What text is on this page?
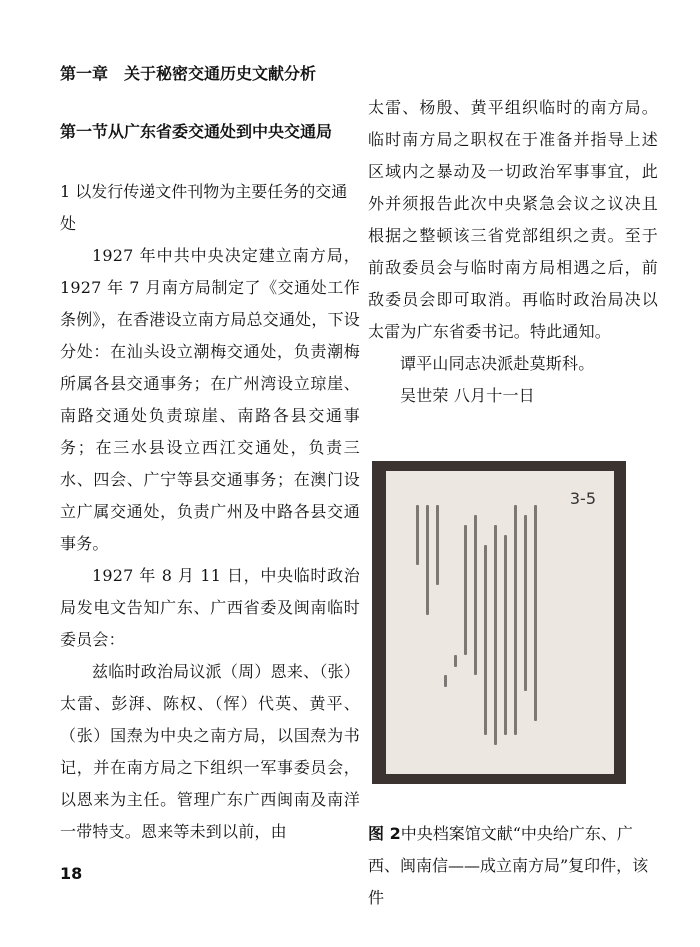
第一章　关于秘密交通历史文献分析
第一节从广东省委交通处到中央交通局
1 以发行传递文件刊物为主要任务的交通处

1927 年中共中央决定建立南方局，1927 年 7 月南方局制定了《交通处工作条例》，在香港设立南方局总交通处，下设分处：在汕头设立潮梅交通处，负责潮梅所属各县交通事务；在广州湾设立琼崖、南路交通处负责琼崖、南路各县交通事务；在三水县设立西江交通处，负责三水、四会、广宁等县交通事务；在澳门设立广属交通处，负责广州及中路各县交通事务。

1927 年 8 月 11 日，中央临时政治局发电文告知广东、广西省委及闽南临时委员会：

兹临时政治局议派（周）恩来、（张）太雷、彭湃、陈权、（恽）代英、黄平、（张）国焘为中央之南方局，以国焘为书记，并在南方局之下组织一军事委员会，以恩来为主任。管理广东广西闽南及南洋一带特支。恩来等未到以前，由

太雷、杨殷、黄平组织临时的南方局。临时南方局之职权在于准备并指导上述区域内之暴动及一切政治军事事宜，此外并须报告此次中央紧急会议之议决且根据之整顿该三省党部组织之责。至于前敌委员会与临时南方局相遇之后，前敌委员会即可取消。再临时政治局决以太雷为广东省委书记。特此通知。

谭平山同志决派赴莫斯科。

吴世荣 八月十一日

3-5
图 2中央档案馆文献“中央给广东、广西、闽南信——成立南方局”复印件，该件
18
